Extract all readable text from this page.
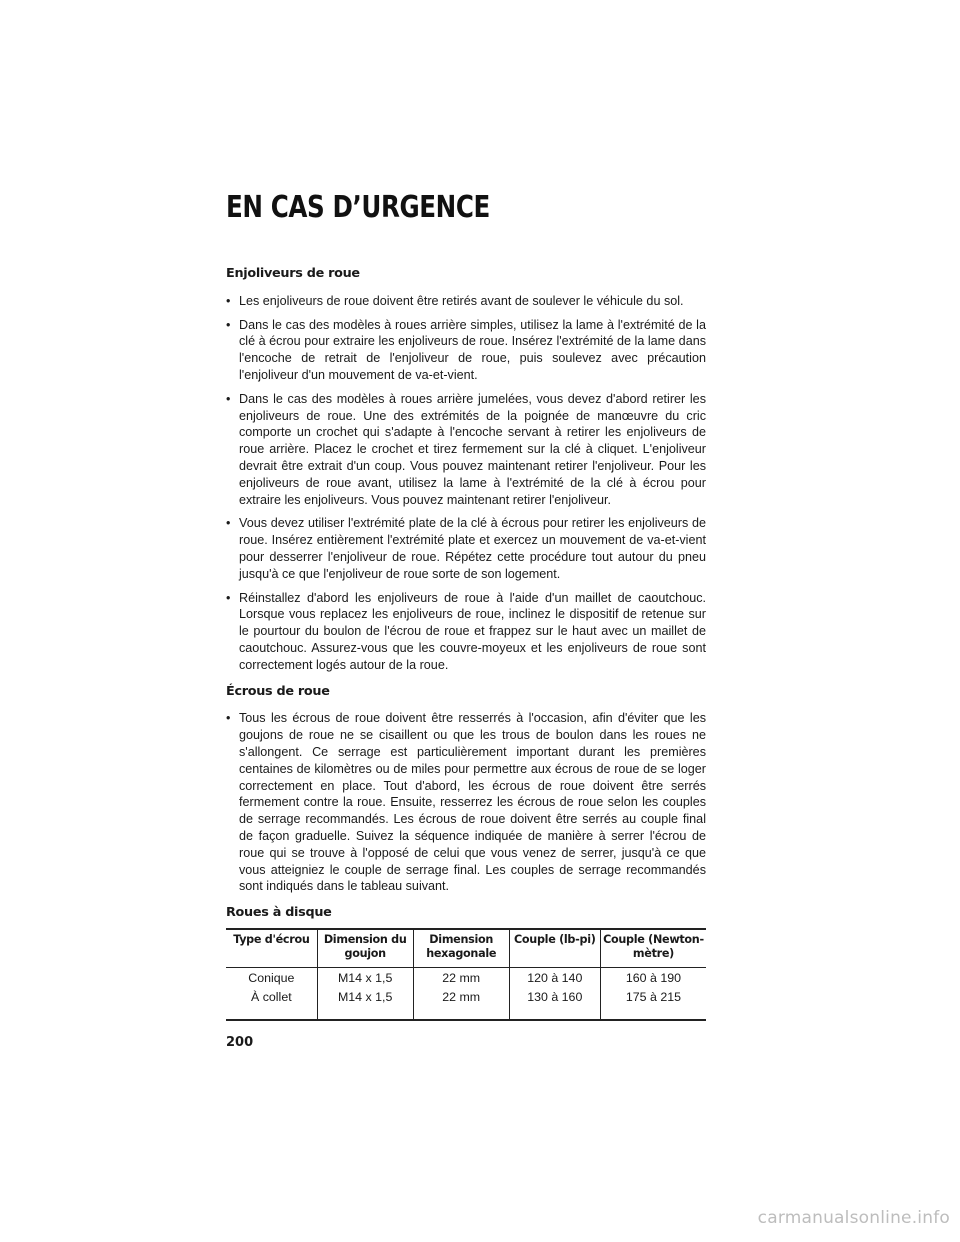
EN CAS D’URGENCE
Enjoliveurs de roue
• Les enjoliveurs de roue doivent être retirés avant de soulever le véhicule du sol.
• Dans le cas des modèles à roues arrière simples, utilisez la lame à l'extrémité de la clé à écrou pour extraire les enjoliveurs de roue. Insérez l'extrémité de la lame dans l'encoche de retrait de l'enjoliveur de roue, puis soulevez avec précaution l'enjoliveur d'un mouvement de va-et-vient.
• Dans le cas des modèles à roues arrière jumelées, vous devez d'abord retirer les enjoliveurs de roue. Une des extrémités de la poignée de manœuvre du cric comporte un crochet qui s'adapte à l'encoche servant à retirer les enjoliveurs de roue arrière. Placez le crochet et tirez fermement sur la clé à cliquet. L'enjoliveur devrait être extrait d'un coup. Vous pouvez maintenant retirer l'enjoliveur. Pour les enjoliveurs de roue avant, utilisez la lame à l'extrémité de la clé à écrou pour extraire les enjoliveurs. Vous pouvez maintenant retirer l'enjoliveur.
• Vous devez utiliser l'extrémité plate de la clé à écrous pour retirer les enjoliveurs de roue. Insérez entièrement l'extrémité plate et exercez un mouvement de va-et-vient pour desserrer l'enjoliveur de roue. Répétez cette procédure tout autour du pneu jusqu'à ce que l'enjoliveur de roue sorte de son logement.
• Réinstallez d'abord les enjoliveurs de roue à l'aide d'un maillet de caoutchouc. Lorsque vous replacez les enjoliveurs de roue, inclinez le dispositif de retenue sur le pourtour du boulon de l'écrou de roue et frappez sur le haut avec un maillet de caoutchouc. Assurez-vous que les couvre-moyeux et les enjoliveurs de roue sont correctement logés autour de la roue.
Écrous de roue
• Tous les écrous de roue doivent être resserrés à l'occasion, afin d'éviter que les goujons de roue ne se cisaillent ou que les trous de boulon dans les roues ne s'allongent. Ce serrage est particulièrement important durant les premières centaines de kilomètres ou de miles pour permettre aux écrous de roue de se loger correctement en place. Tout d'abord, les écrous de roue doivent être serrés fermement contre la roue. Ensuite, resserrez les écrous de roue selon les couples de serrage recommandés. Les écrous de roue doivent être serrés au couple final de façon graduelle. Suivez la séquence indiquée de manière à serrer l'écrou de roue qui se trouve à l'opposé de celui que vous venez de serrer, jusqu'à ce que vous atteigniez le couple de serrage final. Les couples de serrage recommandés sont indiqués dans le tableau suivant.
Roues à disque
Type d'écrou	Dimension du goujon	Dimension hexagonale	Couple (lb-pi)	Couple (Newton-mètre)
Conique	M14 x 1,5	22 mm	120 à 140	160 à 190
À collet	M14 x 1,5	22 mm	130 à 160	175 à 215
200
carmanualsonline.info
